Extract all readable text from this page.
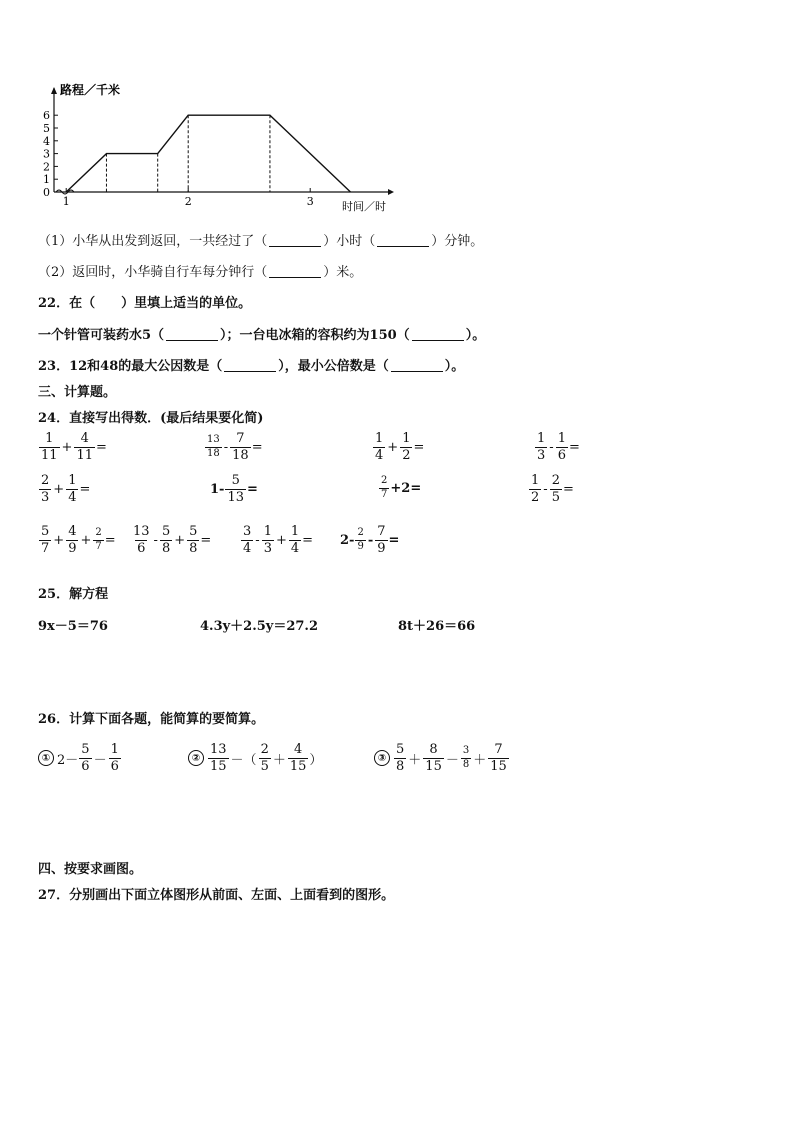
0
1
2
3
4
5
6
1	2	3
路程／千米
时间／时
（1）小华从出发到返回，一共经过了（	）小时（	）分钟。
（2）返回时，小华骑自行车每分钟行（	）米。
22．在（　　）里填上适当的单位。
一个针管可装药水5（	）；一台电冰箱的容积约为150（	）。
23．12和48的最大公因数是（	），最小公倍数是（	）。
三、计算题。
24．直接写出得数．(最后结果要化简)
$\frac{1}{11} + \frac{4}{11}$ =	$\frac{13}{18} - \frac{7}{18}$ =	$\frac{1}{4} + \frac{1}{2}$ =	$\frac{1}{3} - \frac{1}{6}$ =
$\frac{2}{3} + \frac{1}{4}$ =	$1- \frac{5}{13}$ =	$\frac{2}{7} +2=$	$\frac{1}{2} - \frac{2}{5}$ =
$\frac{5}{7} + \frac{4}{9} + \frac{2}{7} = \frac{13}{6} - \frac{5}{8} + \frac{5}{8} = \frac{3}{4} - \frac{1}{3} + \frac{1}{4} = 2- \frac{2}{9} - \frac{7}{9}$ =
25．解方程
9x－5＝76	4.3y＋2.5y＝27.2	8t＋26＝66
26．计算下面各题，能简算的要简算。
① $2- \frac{5}{6} - \frac{1}{6}$	② $\frac{13}{15}$ －（ $\frac{2}{5} + \frac{4}{15}$ ）	③ $\frac{5}{8} + \frac{8}{15} - \frac{3}{8} + \frac{7}{15}$
四、按要求画图。
27．分别画出下面立体图形从前面、左面、上面看到的图形。
